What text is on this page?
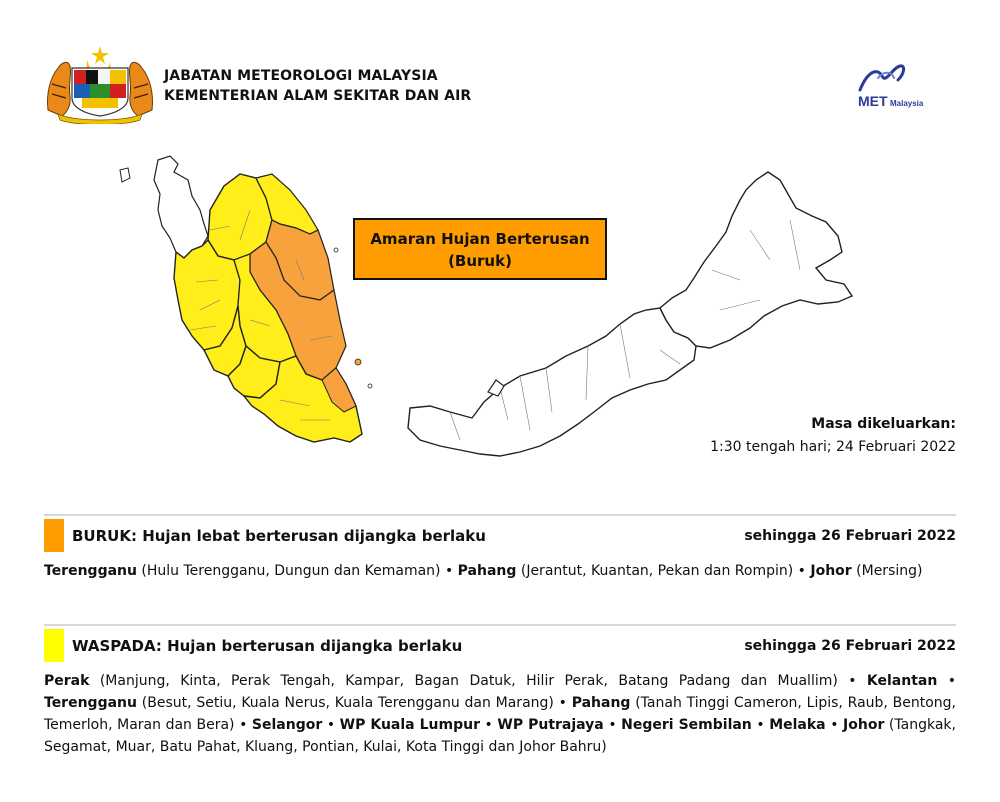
JABATAN METEOROLOGI MALAYSIA
KEMENTERIAN ALAM SEKITAR DAN AIR	MET Malaysia
Amaran Hujan Berterusan
(Buruk)
Masa dikeluarkan:
1:30 tengah hari; 24 Februari 2022
BURUK: Hujan lebat berterusan dijangka berlaku	sehingga 26 Februari 2022
Terengganu (Hulu Terengganu, Dungun dan Kemaman) • Pahang (Jerantut, Kuantan, Pekan dan Rompin) • Johor (Mersing)
WASPADA: Hujan berterusan dijangka berlaku	sehingga 26 Februari 2022
Perak (Manjung, Kinta, Perak Tengah, Kampar, Bagan Datuk, Hilir Perak, Batang Padang dan Muallim) • Kelantan • Terengganu (Besut, Setiu, Kuala Nerus, Kuala Terengganu dan Marang) • Pahang (Tanah Tinggi Cameron, Lipis, Raub, Bentong, Temerloh, Maran dan Bera) • Selangor • WP Kuala Lumpur • WP Putrajaya • Negeri Sembilan • Melaka • Johor (Tangkak, Segamat, Muar, Batu Pahat, Kluang, Pontian, Kulai, Kota Tinggi dan Johor Bahru)
